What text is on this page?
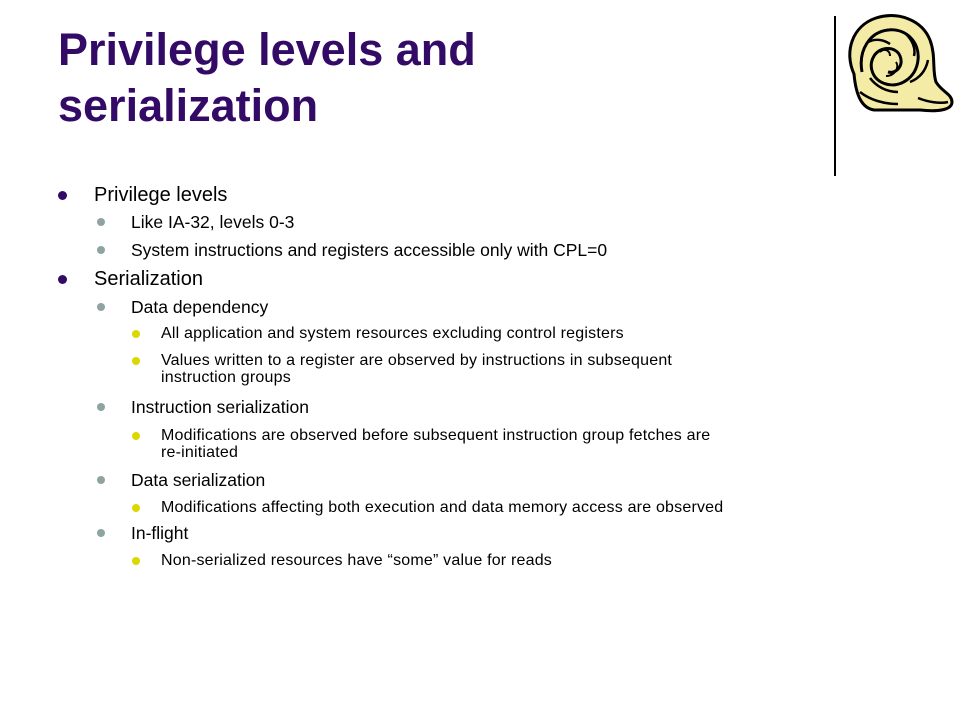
Privilege levels and
serialization
Privilege levels
Like IA-32, levels 0-3
System instructions and registers accessible only with CPL=0
Serialization
Data dependency
All application and system resources excluding control registers
Values written to a register are observed by instructions in subsequent
instruction groups
Instruction serialization
Modifications are observed before subsequent instruction group fetches are
re-initiated
Data serialization
Modifications affecting both execution and data memory access are observed
In-flight
Non-serialized resources have “some” value for reads
